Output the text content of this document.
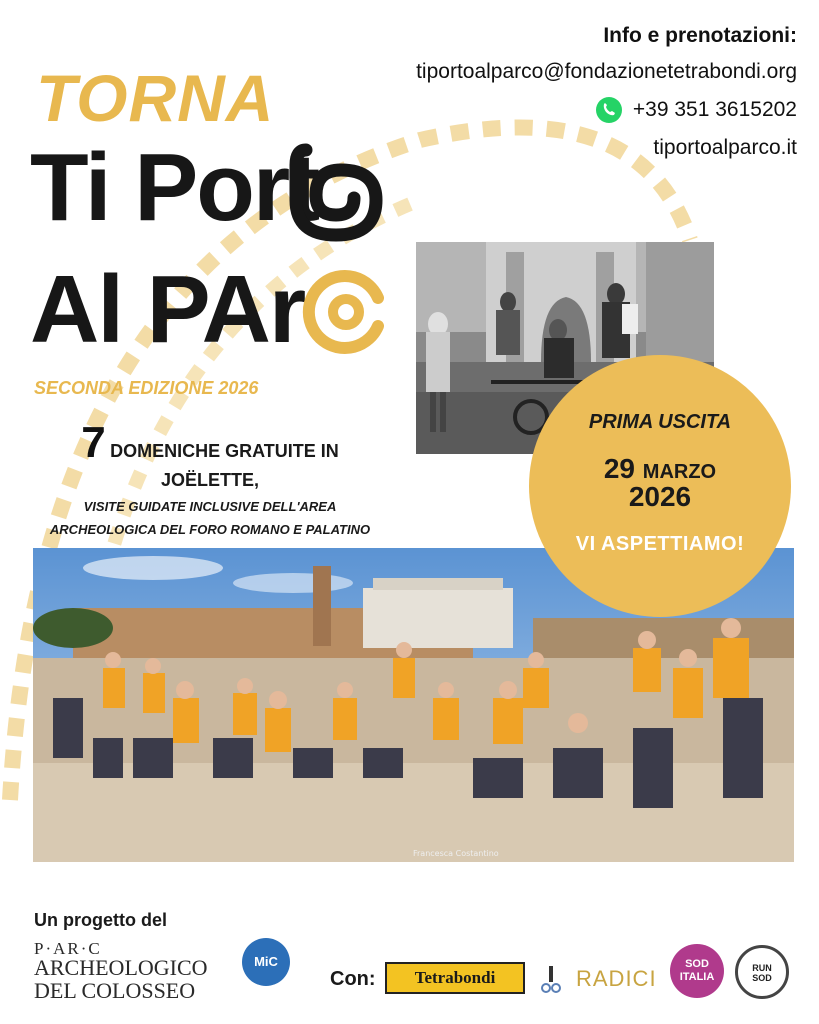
TORNA
Ti Port
Al PAr
SECONDA EDIZIONE 2026
7 DOMENICHE GRATUITE IN
JOËLETTE,
VISITE GUIDATE INCLUSIVE DELL'AREA
ARCHEOLOGICA DEL FORO ROMANO E PALATINO
Info e prenotazioni:
tiportoalparco@fondazionetetrabondi.org
+39 351 3615202
tiportoalparco.it
Francesca Costantino
PRIMA USCITA
29 MARZO
2026
VI ASPETTIAMO!
Un progetto del
P·AR·C
ARCHEOLOGICO
DEL COLOSSEO
MiC
Con:	Tetrabondi	RADICI
SOD
ITALIA
RUN
SOD
